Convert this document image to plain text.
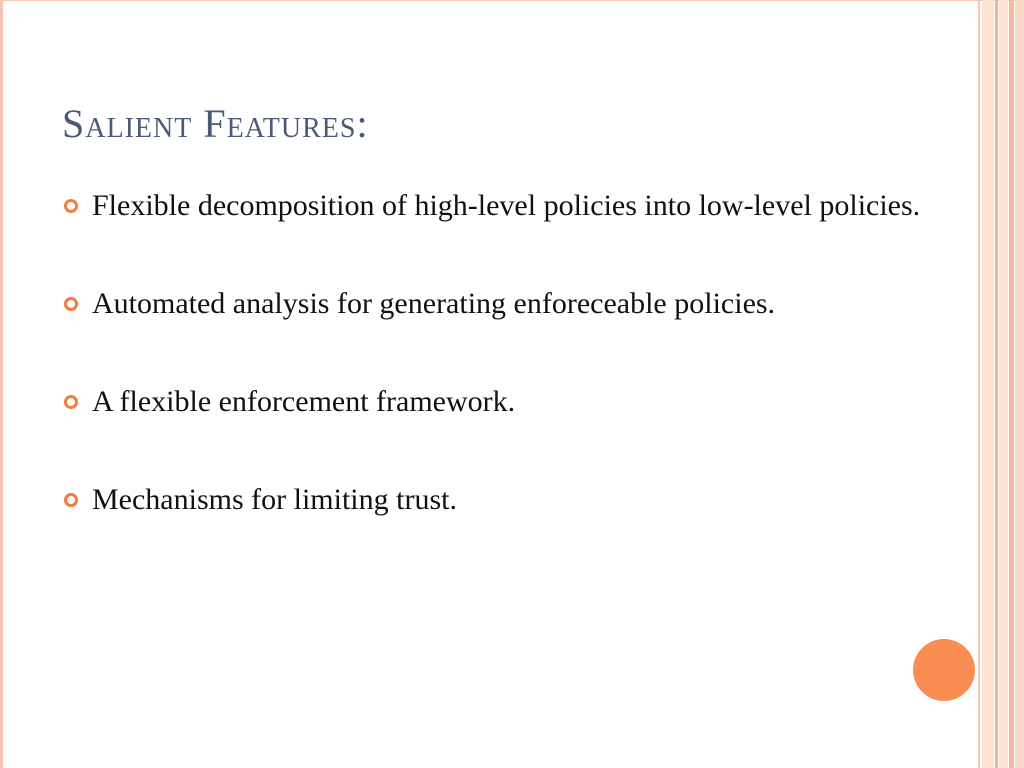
Salient Features:
Flexible decomposition of high-level policies into low-level policies.
Automated analysis for generating enforeceable policies.
A flexible enforcement framework.
Mechanisms for limiting trust.
